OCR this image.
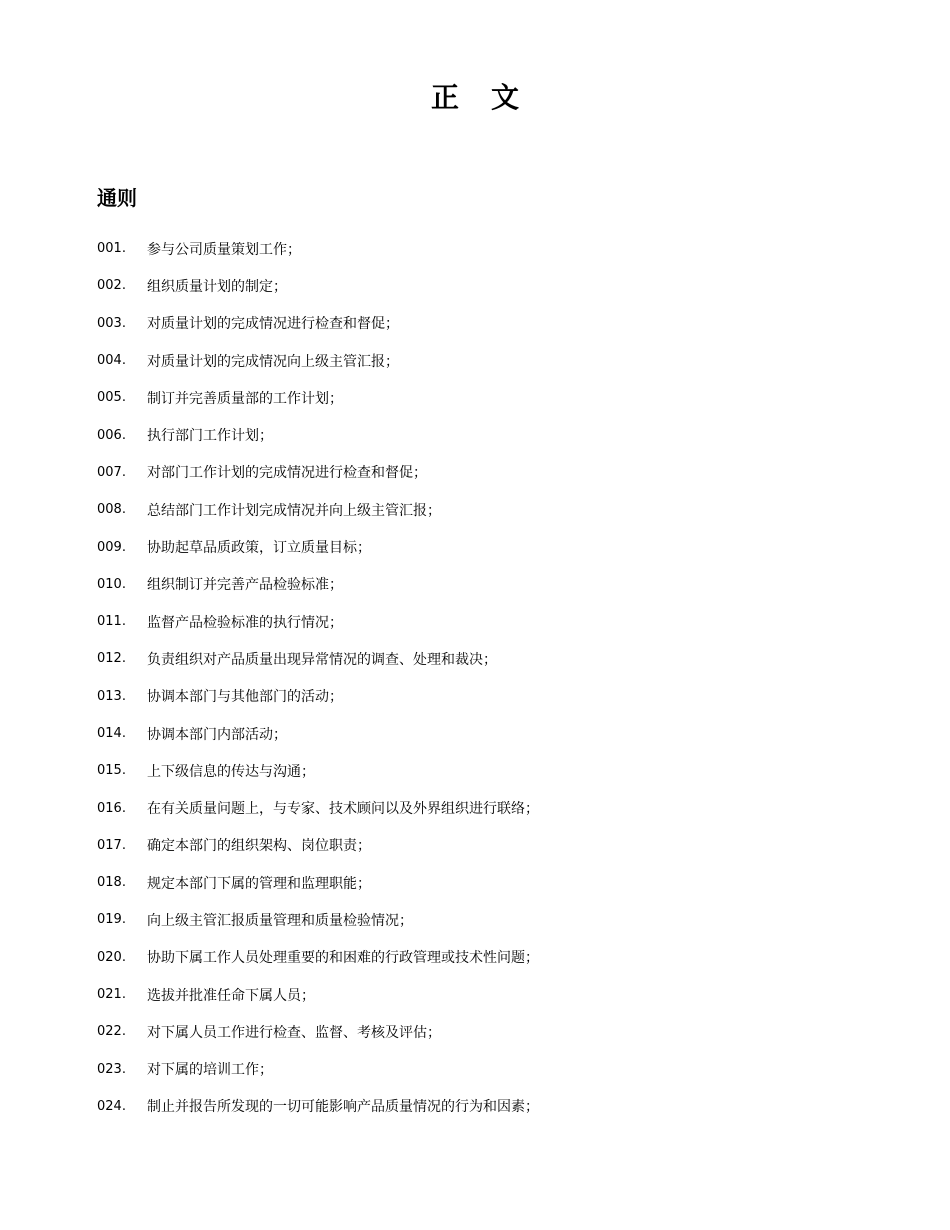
正文
通则
001.	参与公司质量策划工作；
002.	组织质量计划的制定；
003.	对质量计划的完成情况进行检查和督促；
004.	对质量计划的完成情况向上级主管汇报；
005.	制订并完善质量部的工作计划；
006.	执行部门工作计划；
007.	对部门工作计划的完成情况进行检查和督促；
008.	总结部门工作计划完成情况并向上级主管汇报；
009.	协助起草品质政策，订立质量目标；
010.	组织制订并完善产品检验标准；
011.	监督产品检验标准的执行情况；
012.	负责组织对产品质量出现异常情况的调查、处理和裁决；
013.	协调本部门与其他部门的活动；
014.	协调本部门内部活动；
015.	上下级信息的传达与沟通；
016.	在有关质量问题上，与专家、技术顾问以及外界组织进行联络；
017.	确定本部门的组织架构、岗位职责；
018.	规定本部门下属的管理和监理职能；
019.	向上级主管汇报质量管理和质量检验情况；
020.	协助下属工作人员处理重要的和困难的行政管理或技术性问题；
021.	选拔并批准任命下属人员；
022.	对下属人员工作进行检查、监督、考核及评估；
023.	对下属的培训工作；
024.	制止并报告所发现的一切可能影响产品质量情况的行为和因素；
